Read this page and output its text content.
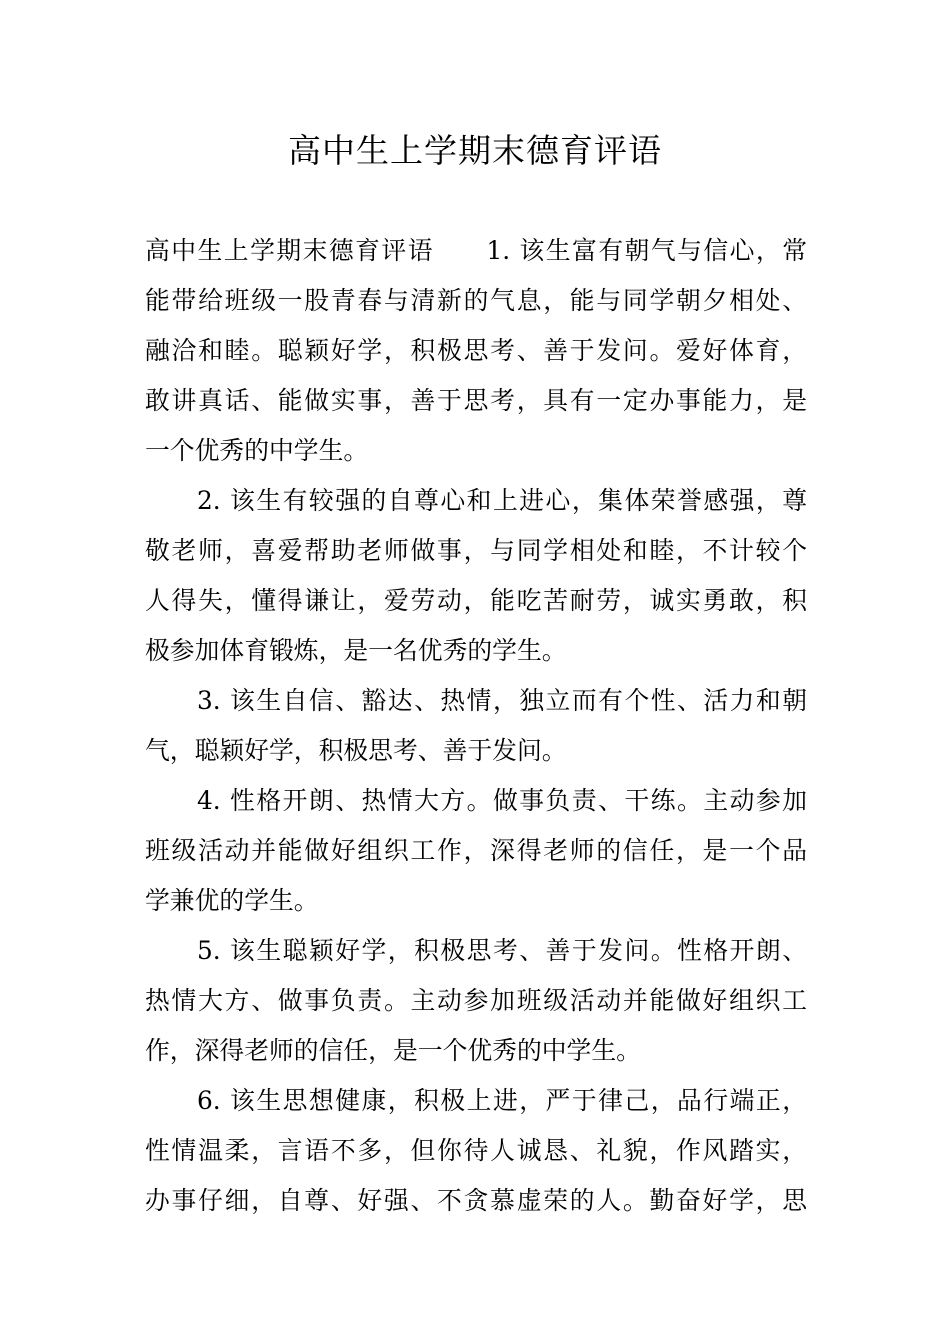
高中生上学期末德育评语
高中生上学期末德育评语　　1. 该生富有朝气与信心，常
能带给班级一股青春与清新的气息，能与同学朝夕相处、
融洽和睦。聪颖好学，积极思考、善于发问。爱好体育，
敢讲真话、能做实事，善于思考，具有一定办事能力，是
一个优秀的中学生。
2. 该生有较强的自尊心和上进心，集体荣誉感强，尊
敬老师，喜爱帮助老师做事，与同学相处和睦，不计较个
人得失，懂得谦让，爱劳动，能吃苦耐劳，诚实勇敢，积
极参加体育锻炼，是一名优秀的学生。
3. 该生自信、豁达、热情，独立而有个性、活力和朝
气，聪颖好学，积极思考、善于发问。
4. 性格开朗、热情大方。做事负责、干练。主动参加
班级活动并能做好组织工作，深得老师的信任，是一个品
学兼优的学生。
5. 该生聪颖好学，积极思考、善于发问。性格开朗、
热情大方、做事负责。主动参加班级活动并能做好组织工
作，深得老师的信任，是一个优秀的中学生。
6. 该生思想健康，积极上进，严于律己，品行端正，
性情温柔，言语不多，但你待人诚恳、礼貌，作风踏实，
办事仔细，自尊、好强、不贪慕虚荣的人。勤奋好学，思
